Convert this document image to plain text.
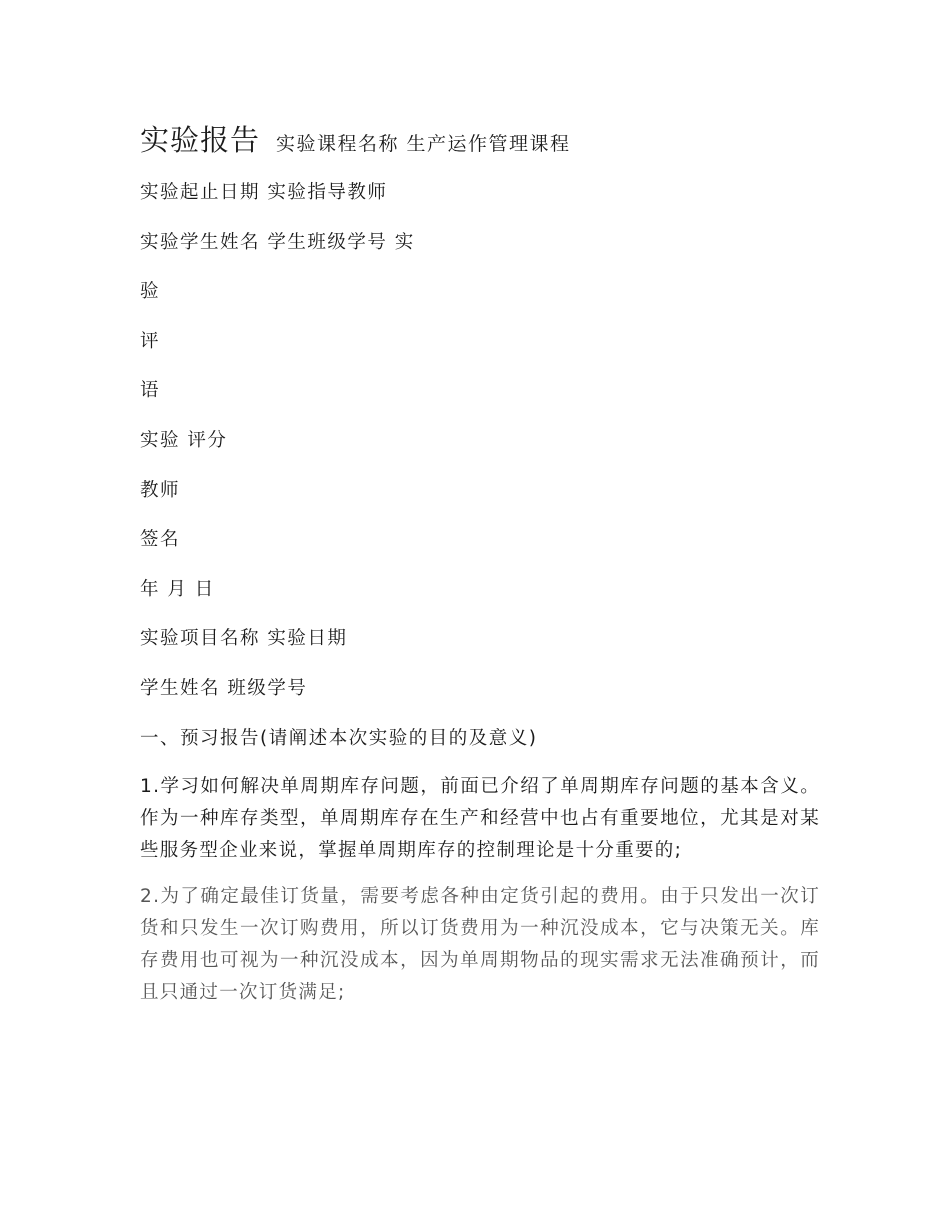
实验报告 实验课程名称 生产运作管理课程
实验起止日期 实验指导教师
实验学生姓名 学生班级学号 实
验
评
语
实验 评分
教师
签名
年 月 日
实验项目名称 实验日期
学生姓名 班级学号
一、预习报告(请阐述本次实验的目的及意义)
1.学习如何解决单周期库存问题，前面已介绍了单周期库存问题的基本含义。作为一种库存类型，单周期库存在生产和经营中也占有重要地位，尤其是对某些服务型企业来说，掌握单周期库存的控制理论是十分重要的;
2.为了确定最佳订货量，需要考虑各种由定货引起的费用。由于只发出一次订货和只发生一次订购费用，所以订货费用为一种沉没成本，它与决策无关。库存费用也可视为一种沉没成本，因为单周期物品的现实需求无法准确预计，而且只通过一次订货满足;
